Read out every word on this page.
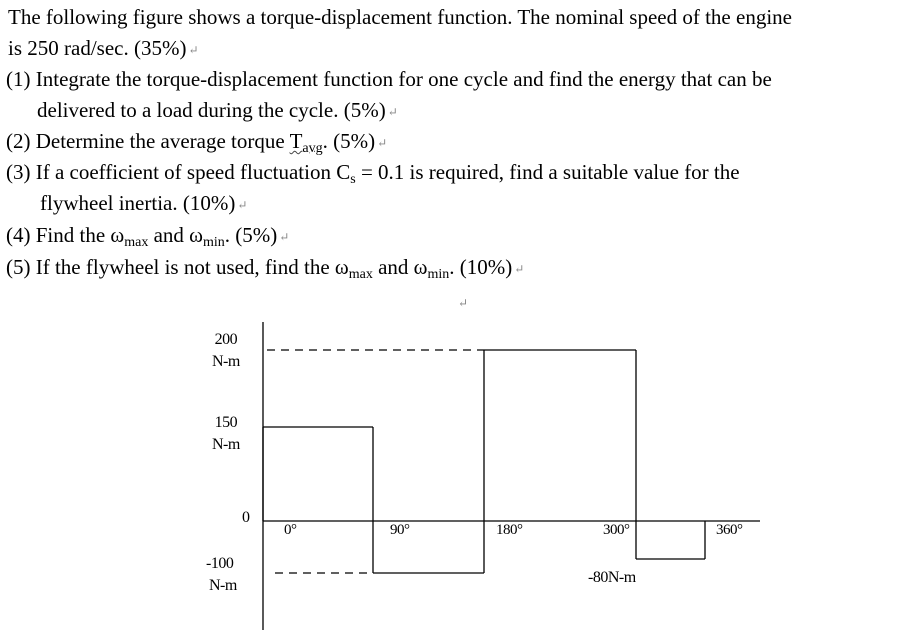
The following figure shows a torque-displacement function. The nominal speed of the engine
is 250 rad/sec. (35%) ↵
(1) Integrate the torque-displacement function for one cycle and find the energy that can be
delivered to a load during the cycle. (5%) ↵
(2) Determine the average torque $T_{avg}$. (5%) ↵
(3) If a coefficient of speed fluctuation $C_s = 0.1$ is required, find a suitable value for the
flywheel inertia. (10%) ↵
(4) Find the $\omega_{max}$ and $\omega_{min}$. (5%) ↵
(5) If the flywheel is not used, find the $\omega_{max}$ and $\omega_{min}$. (10%) ↵
↵
200
N-m
150
N-m
0
-100
N-m
0°	90°	180°	300°	360°
-80N-m
